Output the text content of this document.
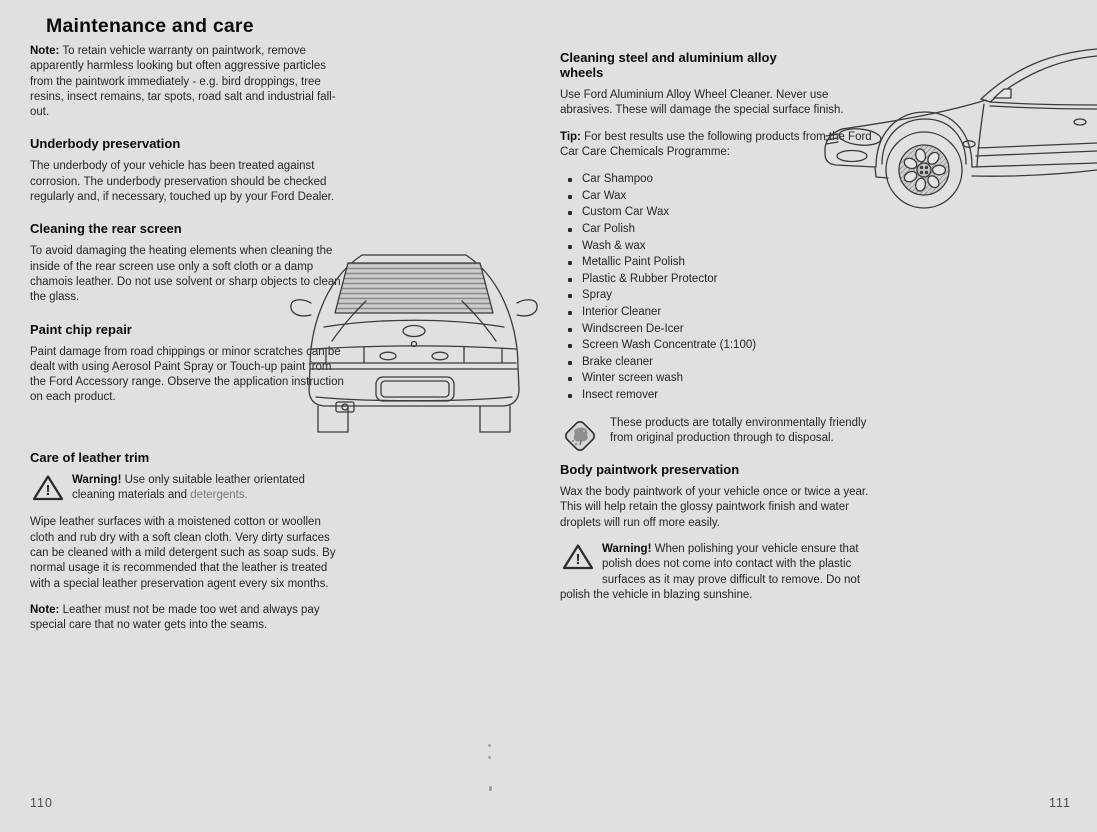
Maintenance and care

Note: To retain vehicle warranty on paintwork, remove apparently harmless looking but often aggressive particles from the paintwork immediately - e.g. bird droppings, tree resins, insect remains, tar spots, road salt and industrial fall-out.

Underbody preservation

The underbody of your vehicle has been treated against corrosion. The underbody preservation should be checked regularly and, if necessary, touched up by your Ford Dealer.

Cleaning the rear screen

To avoid damaging the heating elements when cleaning the inside of the rear screen use only a soft cloth or a damp chamois leather. Do not use solvent or sharp objects to clean the glass.

Paint chip repair

Paint damage from road chippings or minor scratches can be dealt with using Aerosol Paint Spray or Touch-up paint from the Ford Accessory range. Observe the application instruction on each product.

Care of leather trim
!
Warning! Use only suitable leather orientated cleaning materials and detergents.

Wipe leather surfaces with a moistened cotton or woollen cloth and rub dry with a soft clean cloth. Very dirty surfaces can be cleaned with a mild detergent such as soap suds. By normal usage it is recommended that the leather is treated with a special leather preservation agent every six months.

Note: Leather must not be made too wet and always pay special care that no water gets into the seams.

Cleaning steel and aluminium alloy wheels

Use Ford Aluminium Alloy Wheel Cleaner. Never use abrasives. These will damage the special surface finish.

Tip: For best results use the following products from the Ford Car Care Chemicals Programme:

Car Shampoo
Car Wax
Custom Car Wax
Car Polish
Wash & wax
Metallic Paint Polish
Plastic & Rubber Protector
Spray
Interior Cleaner
Windscreen De-Icer
Screen Wash Concentrate (1:100)
Brake cleaner
Winter screen wash
Insect remover
These products are totally environmentally friendly from original production through to disposal.
Body paintwork preservation

Wax the body paintwork of your vehicle once or twice a year. This will help retain the glossy paintwork finish and water droplets will run off more easily.

!
Warning! When polishing your vehicle ensure that polish does not come into contact with the plastic surfaces as it may prove difficult to remove. Do not polish the vehicle in blazing sunshine.
110	111
